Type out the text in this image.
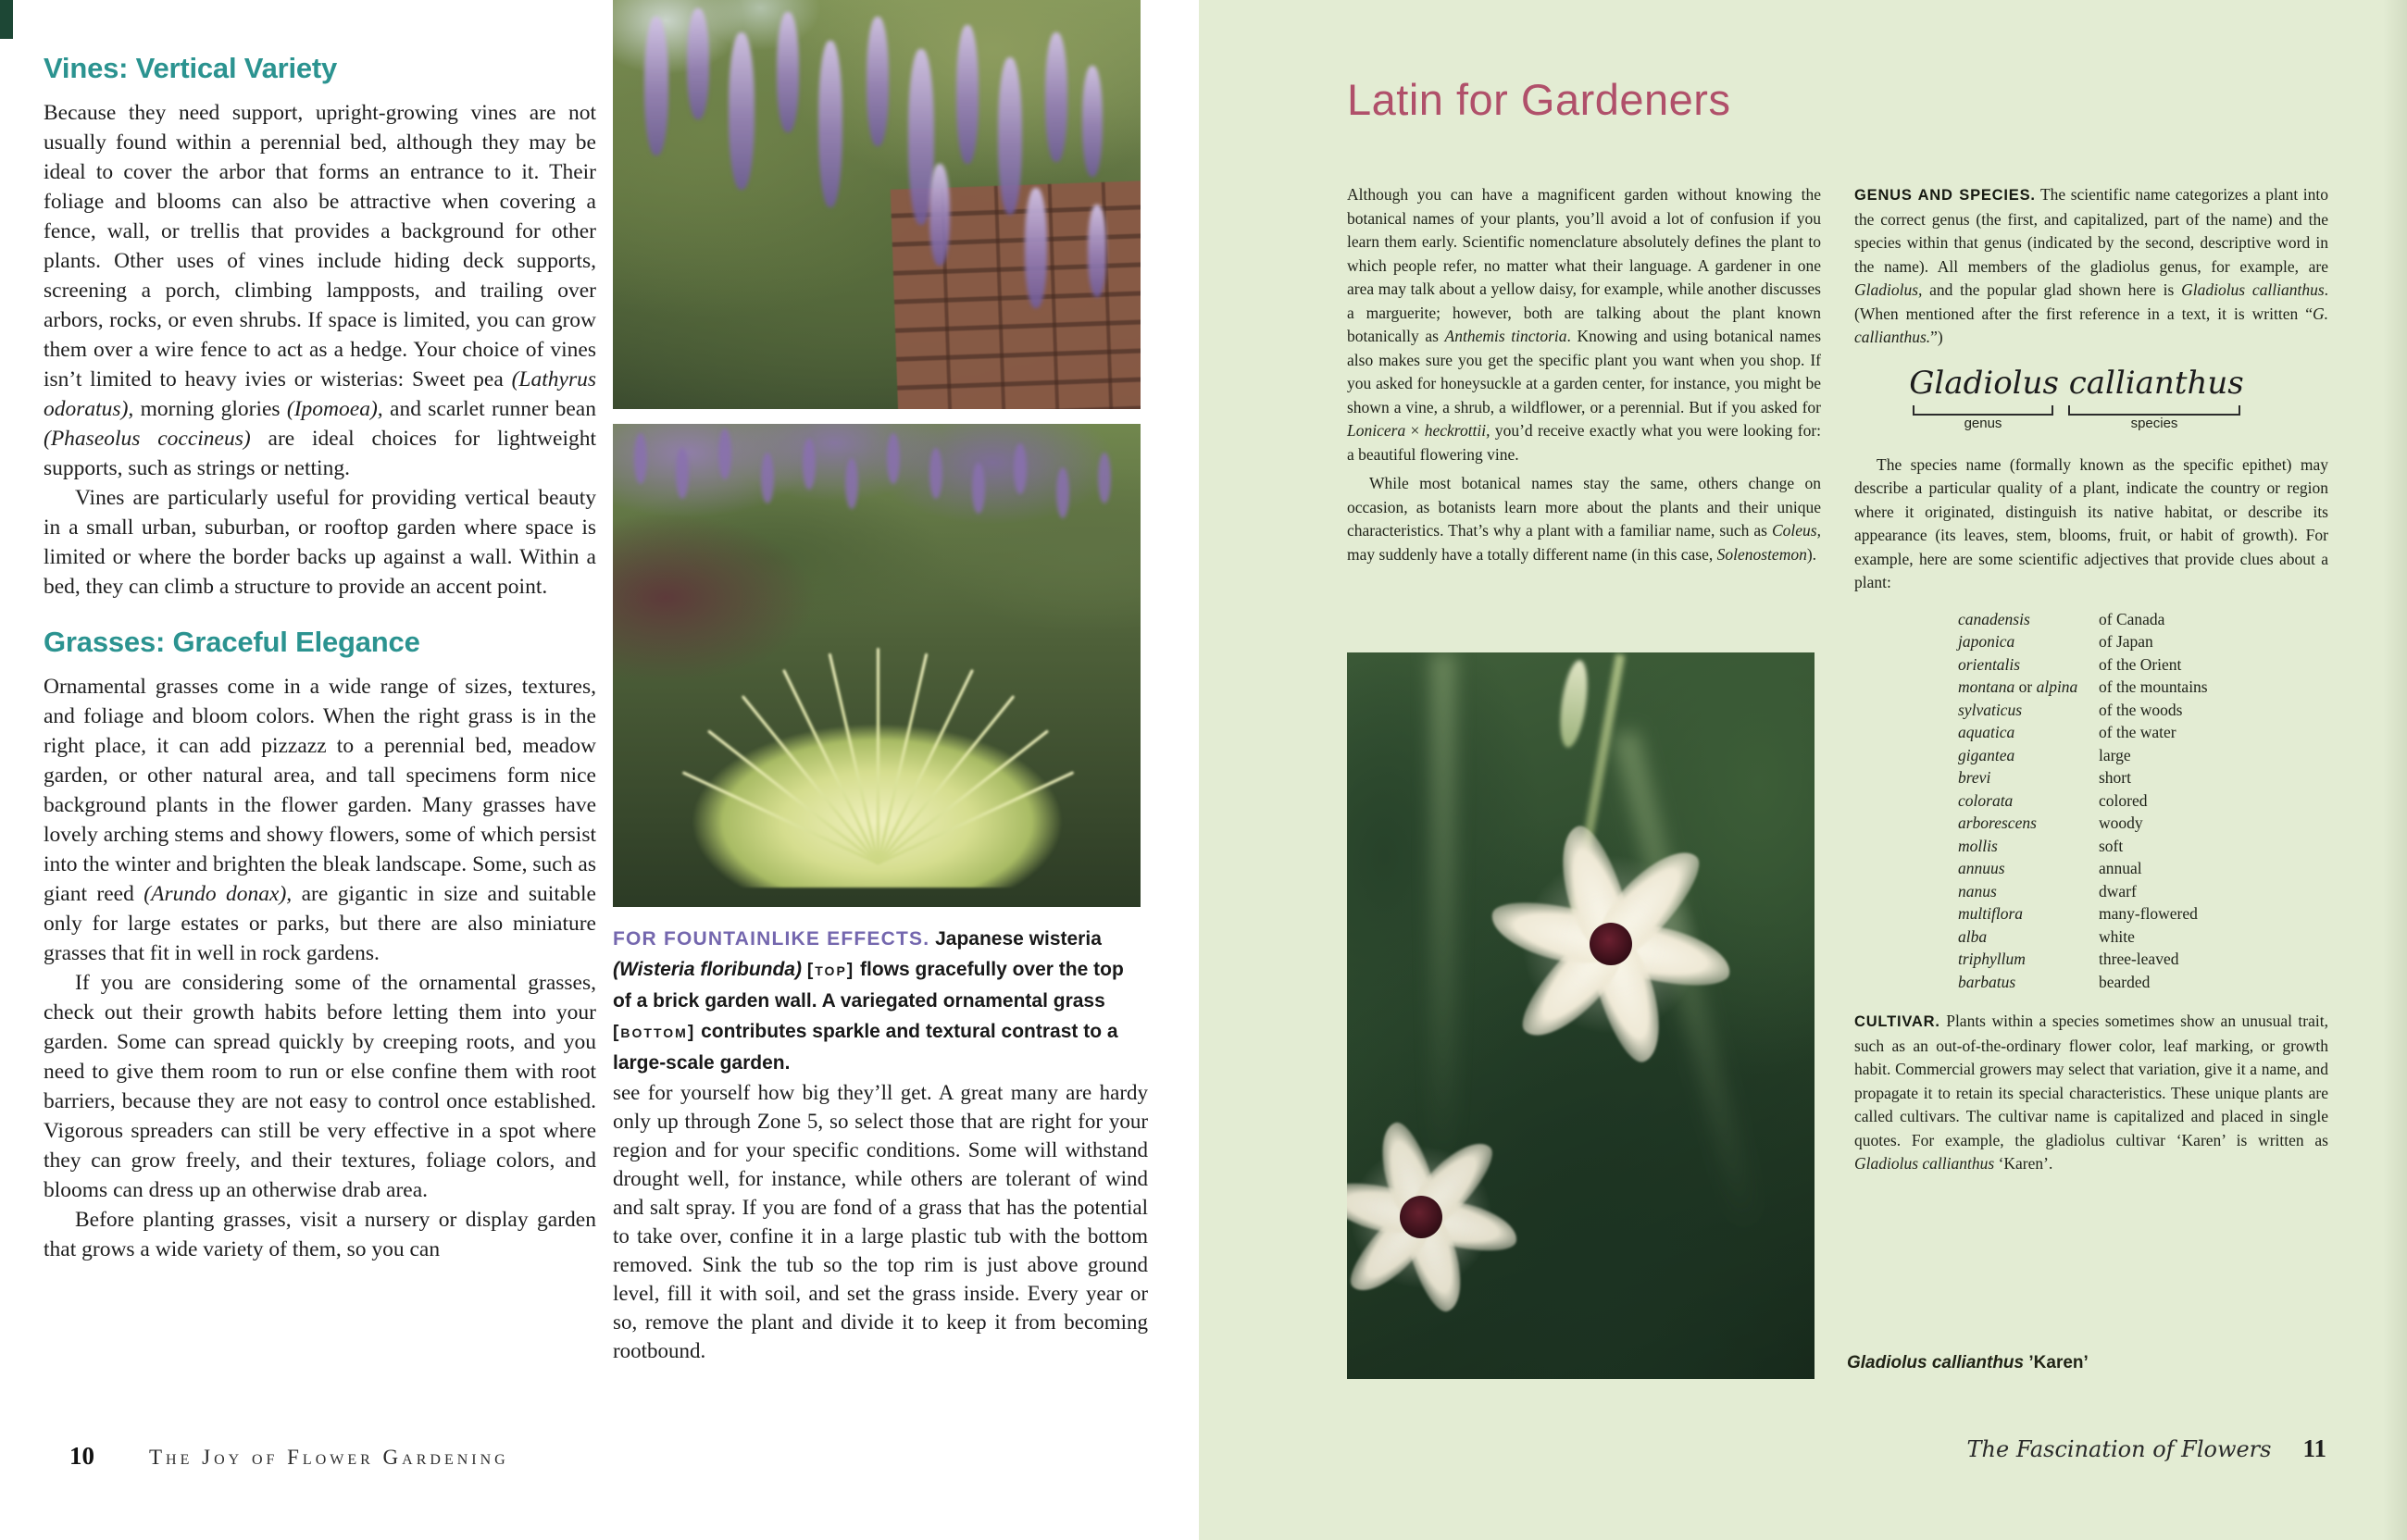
Vines: Vertical Variety

Because they need support, upright-growing vines are not usually found within a perennial bed, although they may be ideal to cover the arbor that forms an entrance to it. Their foliage and blooms can also be attractive when covering a fence, wall, or trellis that provides a background for other plants. Other uses of vines include hiding deck supports, screening a porch, climbing lampposts, and trailing over arbors, rocks, or even shrubs. If space is limited, you can grow them over a wire fence to act as a hedge. Your choice of vines isn’t limited to heavy ivies or wisterias: Sweet pea (Lathyrus odoratus), morning glories (Ipomoea), and scarlet runner bean (Phaseolus coccineus) are ideal choices for lightweight supports, such as strings or netting.

Vines are particularly useful for providing vertical beauty in a small urban, suburban, or rooftop garden where space is limited or where the border backs up against a wall. Within a bed, they can climb a structure to provide an accent point.

Grasses: Graceful Elegance

Ornamental grasses come in a wide range of sizes, textures, and foliage and bloom colors. When the right grass is in the right place, it can add pizzazz to a perennial bed, meadow garden, or other natural area, and tall specimens form nice background plants in the flower garden. Many grasses have lovely arching stems and showy flowers, some of which persist into the winter and brighten the bleak landscape. Some, such as giant reed (Arundo donax), are gigantic in size and suitable only for large estates or parks, but there are also miniature grasses that fit in well in rock gardens.

If you are considering some of the ornamental grasses, check out their growth habits before letting them into your garden. Some can spread quickly by creeping roots, and you need to give them room to run or else confine them with root barriers, because they are not easy to control once established. Vigorous spreaders can still be very effective in a spot where they can grow freely, and their textures, foliage colors, and blooms can dress up an otherwise drab area.

Before planting grasses, visit a nursery or display garden that grows a wide variety of them, so you can

FOR FOUNTAINLIKE EFFECTS. Japanese wisteria (Wisteria floribunda) [top] flows gracefully over the top of a brick garden wall. A variegated ornamental grass [bottom] contributes sparkle and textural contrast to a large-scale garden.

see for yourself how big they’ll get. A great many are hardy only up through Zone 5, so select those that are right for your region and for your specific conditions. Some will withstand drought well, for instance, while others are tolerant of wind and salt spray. If you are fond of a grass that has the potential to take over, confine it in a large plastic tub with the bottom removed. Sink the tub so the top rim is just above ground level, fill it with soil, and set the grass inside. Every year or so, remove the plant and divide it to keep it from becoming rootbound.

10	The Joy of Flower Gardening
Latin for Gardeners

Although you can have a magnificent garden without knowing the botanical names of your plants, you’ll avoid a lot of confusion if you learn them early. Scientific nomenclature absolutely defines the plant to which people refer, no matter what their language. A gardener in one area may talk about a yellow daisy, for example, while another discusses a marguerite; however, both are talking about the plant known botanically as Anthemis tinctoria. Knowing and using botanical names also makes sure you get the specific plant you want when you shop. If you asked for honeysuckle at a garden center, for instance, you might be shown a vine, a shrub, a wildflower, or a perennial. But if you asked for Lonicera × heckrottii, you’d receive exactly what you were looking for: a beautiful flowering vine.

While most botanical names stay the same, others change on occasion, as botanists learn more about the plants and their unique characteristics. That’s why a plant with a familiar name, such as Coleus, may suddenly have a totally different name (in this case, Solenostemon).

Gladiolus callianthus ’Karen’

GENUS AND SPECIES. The scientific name categorizes a plant into the correct genus (the first, and capitalized, part of the name) and the species within that genus (indicated by the second, descriptive word in the name). All members of the gladiolus genus, for example, are Gladiolus, and the popular glad shown here is Gladiolus callianthus. (When mentioned after the first reference in a text, it is written “G. callianthus.”)

Gladiolus callianthus
genus	species

The species name (formally known as the specific epithet) may describe a particular quality of a plant, indicate the country or region where it originated, distinguish its native habitat, or describe its appearance (its leaves, stem, blooms, fruit, or habit of growth). For example, here are some scientific adjectives that provide clues about a plant:

canadensis	of Canada
japonica	of Japan
orientalis	of the Orient
montana or alpina	of the mountains
sylvaticus	of the woods
aquatica	of the water
gigantea	large
brevi	short
colorata	colored
arborescens	woody
mollis	soft
annuus	annual
nanus	dwarf
multiflora	many-flowered
alba	white
triphyllum	three-leaved
barbatus	bearded

CULTIVAR. Plants within a species sometimes show an unusual trait, such as an out-of-the-ordinary flower color, leaf marking, or growth habit. Commercial growers may select that variation, give it a name, and propagate it to retain its special characteristics. These unique plants are called cultivars. The cultivar name is capitalized and placed in single quotes. For example, the gladiolus cultivar ‘Karen’ is written as Gladiolus callianthus ‘Karen’.

The Fascination of Flowers 11
